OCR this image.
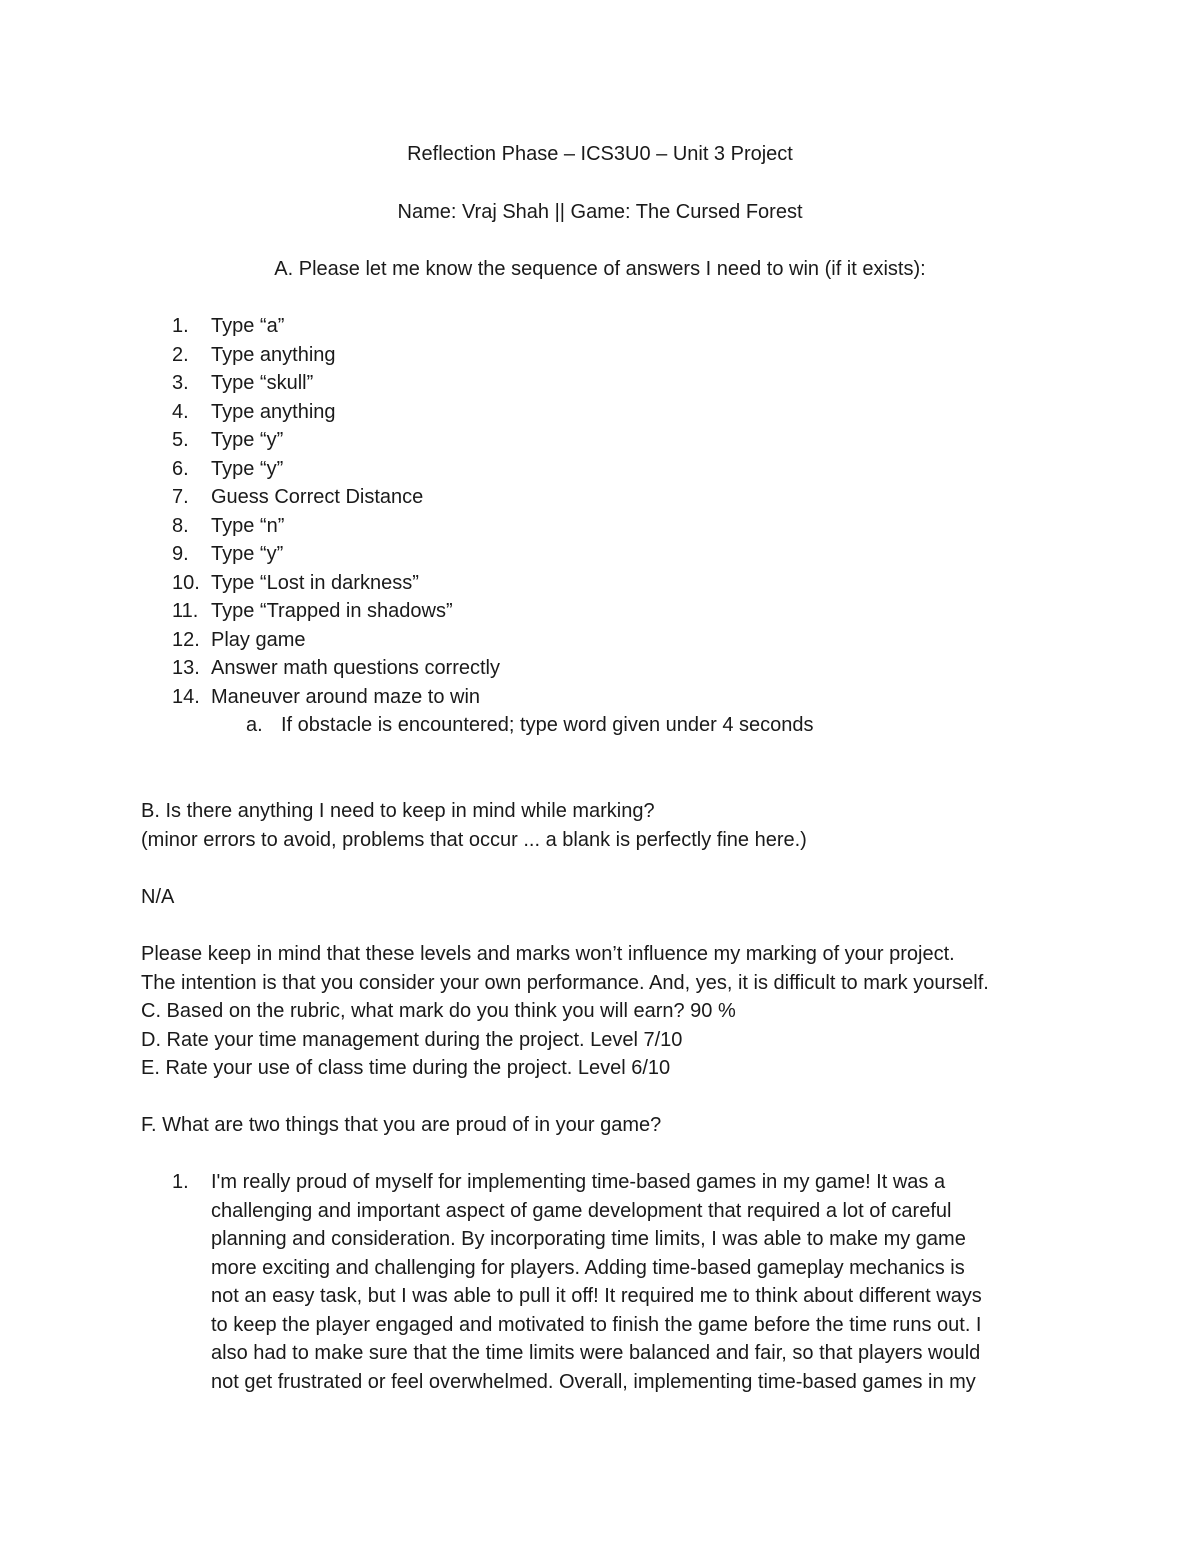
Reflection Phase – ICS3U0 – Unit 3 Project
Name: Vraj Shah || Game: The Cursed Forest
A. Please let me know the sequence of answers I need to win (if it exists):
1.	Type “a”
2.	Type anything
3.	Type “skull”
4.	Type anything
5.	Type “y”
6.	Type “y”
7.	Guess Correct Distance
8.	Type “n”
9.	Type “y”
10. Type “Lost in darkness”
11. Type “Trapped in shadows”
12. Play game
13. Answer math questions correctly
14. Maneuver around maze to win
a. If obstacle is encountered; type word given under 4 seconds
B. Is there anything I need to keep in mind while marking?
(minor errors to avoid, problems that occur ... a blank is perfectly fine here.)
N/A
Please keep in mind that these levels and marks won’t influence my marking of your project.
The intention is that you consider your own performance. And, yes, it is difficult to mark yourself.
C. Based on the rubric, what mark do you think you will earn? 90 %
D. Rate your time management during the project. Level 7/10
E. Rate your use of class time during the project. Level 6/10
F. What are two things that you are proud of in your game?
1.	I'm really proud of myself for implementing time-based games in my game! It was a
challenging and important aspect of game development that required a lot of careful
planning and consideration. By incorporating time limits, I was able to make my game
more exciting and challenging for players. Adding time-based gameplay mechanics is
not an easy task, but I was able to pull it off! It required me to think about different ways
to keep the player engaged and motivated to finish the game before the time runs out. I
also had to make sure that the time limits were balanced and fair, so that players would
not get frustrated or feel overwhelmed. Overall, implementing time-based games in my
